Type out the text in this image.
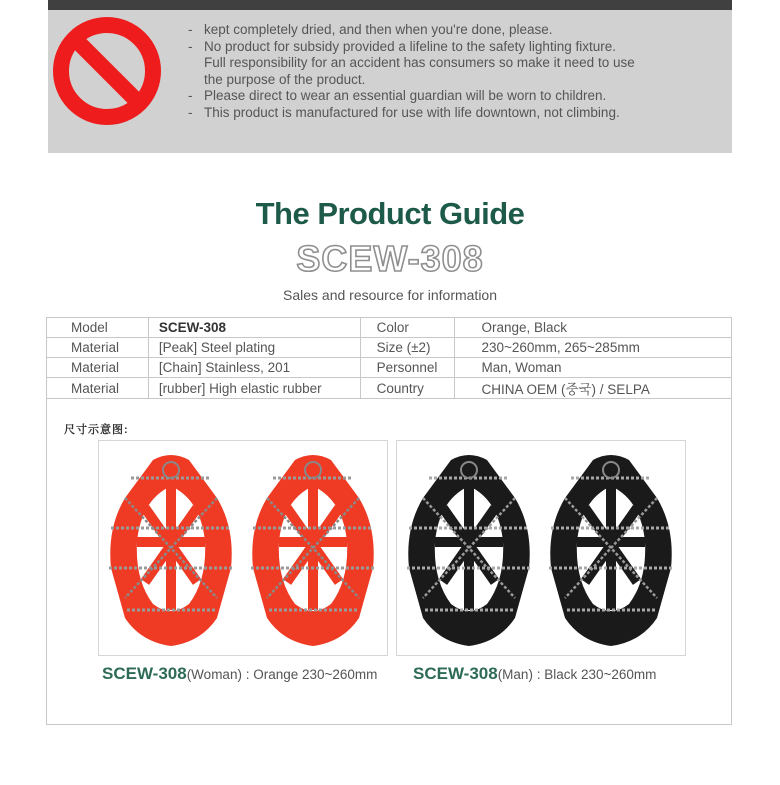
- kept completely dried, and then when you're done, please.
- No product for subsidy provided a lifeline to the safety lighting fixture.
Full responsibility for an accident has consumers so make it need to use
the purpose of the product.
- Please direct to wear an essential guardian will be worn to children.
- This product is manufactured for use with life downtown, not climbing.
The Product Guide
SCEW-308
Sales and resource for information
Model	SCEW-308	Color	Orange, Black
Material	[Peak] Steel plating	Size (±2)	230~260mm, 265~285mm
Material	[Chain] Stainless, 201	Personnel	Man, Woman
Material	[rubber] High elastic rubber	Country	CHINA OEM (중국) / SELPA
尺寸示意图:
SCEW-308(Woman) : Orange 230~260mm SCEW-308(Man) : Black 230~260mm
